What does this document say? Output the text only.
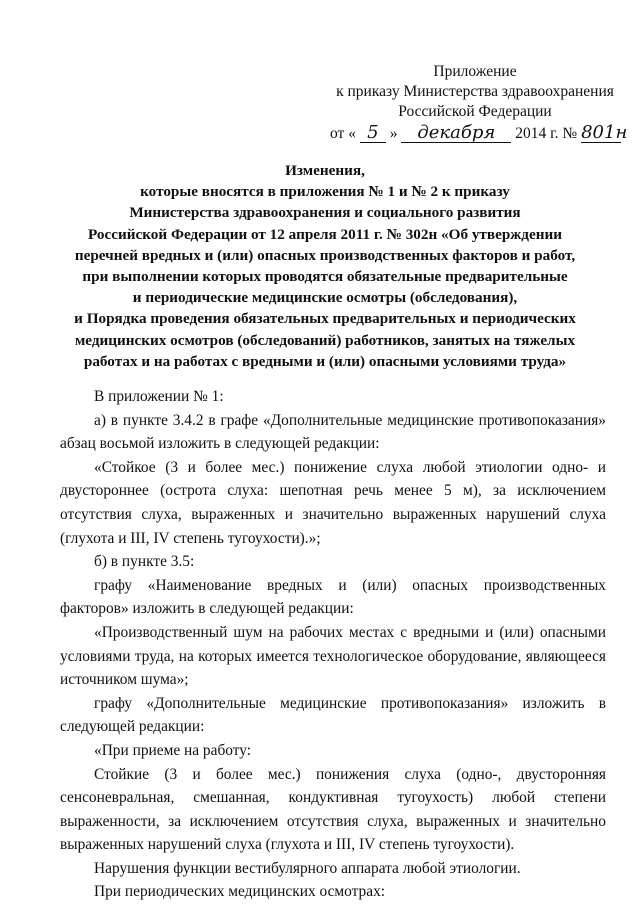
Приложение
к приказу Министерства здравоохранения
Российской Федерации
от « 5 » декабря 2014 г. № 801н
Изменения,
которые вносятся в приложения № 1 и № 2 к приказу
Министерства здравоохранения и социального развития
Российской Федерации от 12 апреля 2011 г. № 302н «Об утверждении
перечней вредных и (или) опасных производственных факторов и работ,
при выполнении которых проводятся обязательные предварительные
и периодические медицинские осмотры (обследования),
и Порядка проведения обязательных предварительных и периодических
медицинских осмотров (обследований) работников, занятых на тяжелых
работах и на работах с вредными и (или) опасными условиями труда»

В приложении № 1:

а) в пункте 3.4.2 в графе «Дополнительные медицинские противопоказания» абзац восьмой изложить в следующей редакции:

«Стойкое (3 и более мес.) понижение слуха любой этиологии одно- и двустороннее (острота слуха: шепотная речь менее 5 м), за исключением отсутствия слуха, выраженных и значительно выраженных нарушений слуха (глухота и III, IV степень тугоухости).»;

б) в пункте 3.5:

графу «Наименование вредных и (или) опасных производственных факторов» изложить в следующей редакции:

«Производственный шум на рабочих местах с вредными и (или) опасными условиями труда, на которых имеется технологическое оборудование, являющееся источником шума»;

графу «Дополнительные медицинские противопоказания» изложить в следующей редакции:

«При приеме на работу:

Стойкие (3 и более мес.) понижения слуха (одно-, двусторонняя сенсоневральная, смешанная, кондуктивная тугоухость) любой степени выраженности, за исключением отсутствия слуха, выраженных и значительно выраженных нарушений слуха (глухота и III, IV степень тугоухости).

Нарушения функции вестибулярного аппарата любой этиологии.

При периодических медицинских осмотрах:
